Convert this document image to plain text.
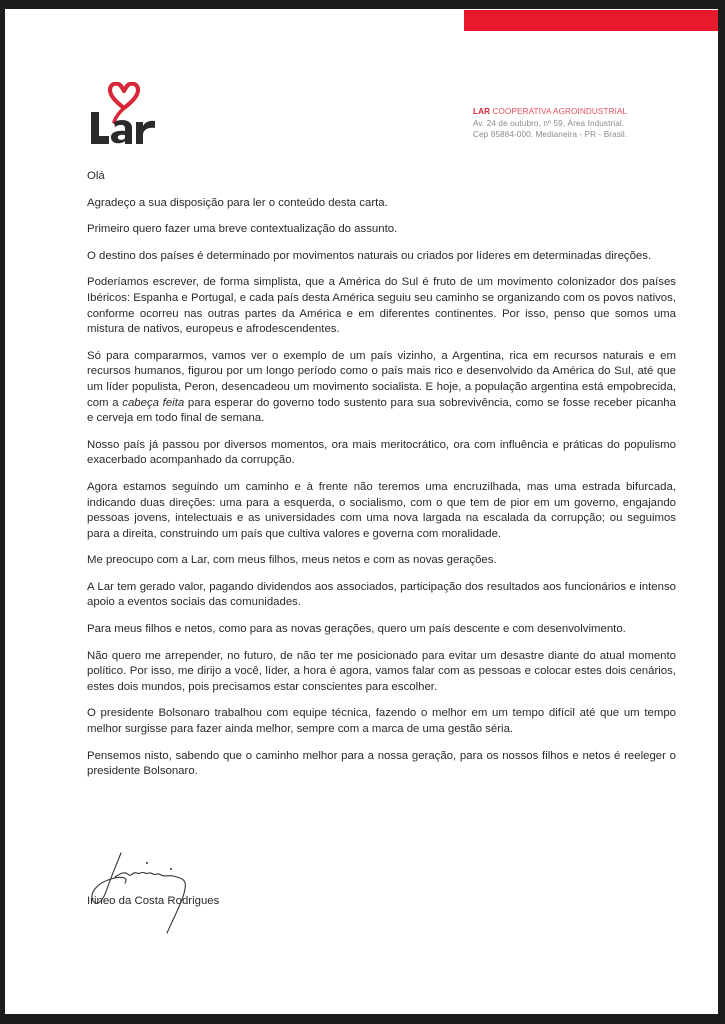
LAR COOPERATIVA AGROINDUSTRIAL
Av. 24 de outubro, nº 59, Área Industrial.
Cep 85884-000. Medianeira - PR - Brasil.

Olá

Agradeço a sua disposição para ler o conteúdo desta carta.

Primeiro quero fazer uma breve contextualização do assunto.

O destino dos países é determinado por movimentos naturais ou criados por líderes em determinadas direções.

Poderíamos escrever, de forma simplista, que a América do Sul é fruto de um movimento colonizador dos países Ibéricos: Espanha e Portugal, e cada país desta América seguiu seu caminho se organizando com os povos nativos, conforme ocorreu nas outras partes da América e em diferentes continentes. Por isso, penso que somos uma mistura de nativos, europeus e afrodescendentes.

Só para compararmos, vamos ver o exemplo de um país vizinho, a Argentina, rica em recursos naturais e em recursos humanos, figurou por um longo período como o país mais rico e desenvolvido da América do Sul, até que um líder populista, Peron, desencadeou um movimento socialista. E hoje, a população argentina está empobrecida, com a cabeça feita para esperar do governo todo sustento para sua sobrevivência, como se fosse receber picanha e cerveja em todo final de semana.

Nosso país já passou por diversos momentos, ora mais meritocrático, ora com influência e práticas do populismo exacerbado acompanhado da corrupção.

Agora estamos seguindo um caminho e à frente não teremos uma encruzilhada, mas uma estrada bifurcada, indicando duas direções: uma para a esquerda, o socialismo, com o que tem de pior em um governo, engajando pessoas jovens, intelectuais e as universidades com uma nova largada na escalada da corrupção; ou seguimos para a direita, construindo um país que cultiva valores e governa com moralidade.

Me preocupo com a Lar, com meus filhos, meus netos e com as novas gerações.

A Lar tem gerado valor, pagando dividendos aos associados, participação dos resultados aos funcionários e intenso apoio a eventos sociais das comunidades.

Para meus filhos e netos, como para as novas gerações, quero um país descente e com desenvolvimento.

Não quero me arrepender, no futuro, de não ter me posicionado para evitar um desastre diante do atual momento político. Por isso, me dirijo a você, líder, a hora é agora, vamos falar com as pessoas e colocar estes dois cenários, estes dois mundos, pois precisamos estar conscientes para escolher.

O presidente Bolsonaro trabalhou com equipe técnica, fazendo o melhor em um tempo difícil até que um tempo melhor surgisse para fazer ainda melhor, sempre com a marca de uma gestão séria.

Pensemos nisto, sabendo que o caminho melhor para a nossa geração, para os nossos filhos e netos é reeleger o presidente Bolsonaro.

Irineo da Costa Rodrigues
